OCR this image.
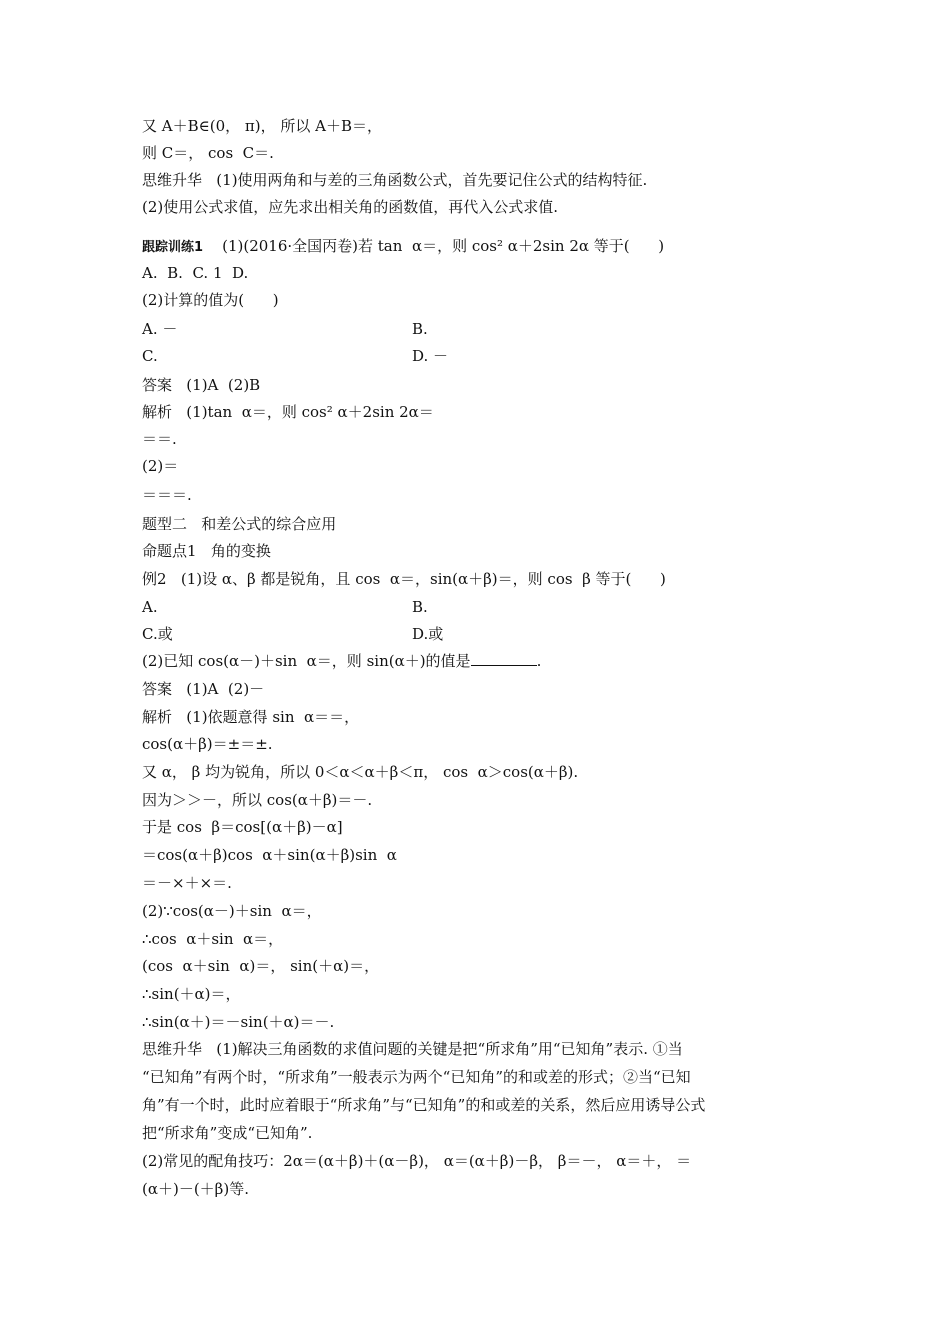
又 A＋B∈(0， π)， 所以 A＋B＝，
则 C＝， cos  C＝.
思维升华   (1)使用两角和与差的三角函数公式，首先要记住公式的结构特征.
(2)使用公式求值，应先求出相关角的函数值，再代入公式求值.
跟踪训练1    (1)(2016·全国丙卷)若 tan  α＝，则 cos² α＋2sin 2α 等于(      )
A.  B.  C. 1  D.
(2)计算的值为(      )
A. －	B.
C.	D. －
答案   (1)A  (2)B
解析   (1)tan  α＝，则 cos² α＋2sin 2α＝
＝＝.
(2)＝
＝＝＝.
题型二   和差公式的综合应用
命题点1   角的变换
例2   (1)设 α、β 都是锐角，且 cos  α＝，sin(α＋β)＝，则 cos  β 等于(      )
A.	B.
C.或	D.或
(2)已知 cos(α－)＋sin  α＝，则 sin(α＋)的值是	.
答案   (1)A  (2)－
解析   (1)依题意得 sin  α＝＝，
cos(α＋β)＝±＝±.
又 α， β 均为锐角，所以 0＜α＜α＋β＜π， cos  α＞cos(α＋β).
因为＞＞－，所以 cos(α＋β)＝－.
于是 cos  β＝cos[(α＋β)－α]
＝cos(α＋β)cos  α＋sin(α＋β)sin  α
＝－×＋×＝.
(2)∵cos(α－)＋sin  α＝，
∴cos  α＋sin  α＝，
(cos  α＋sin  α)＝， sin(＋α)＝，
∴sin(＋α)＝，
∴sin(α＋)＝－sin(＋α)＝－.
思维升华   (1)解决三角函数的求值问题的关键是把“所求角”用“已知角”表示. ①当
“已知角”有两个时，“所求角”一般表示为两个“已知角”的和或差的形式；②当“已知
角”有一个时，此时应着眼于“所求角”与“已知角”的和或差的关系，然后应用诱导公式
把“所求角”变成“已知角”.
(2)常见的配角技巧：2α＝(α＋β)＋(α－β)， α＝(α＋β)－β， β＝－， α＝＋， ＝
(α＋)－(＋β)等.
